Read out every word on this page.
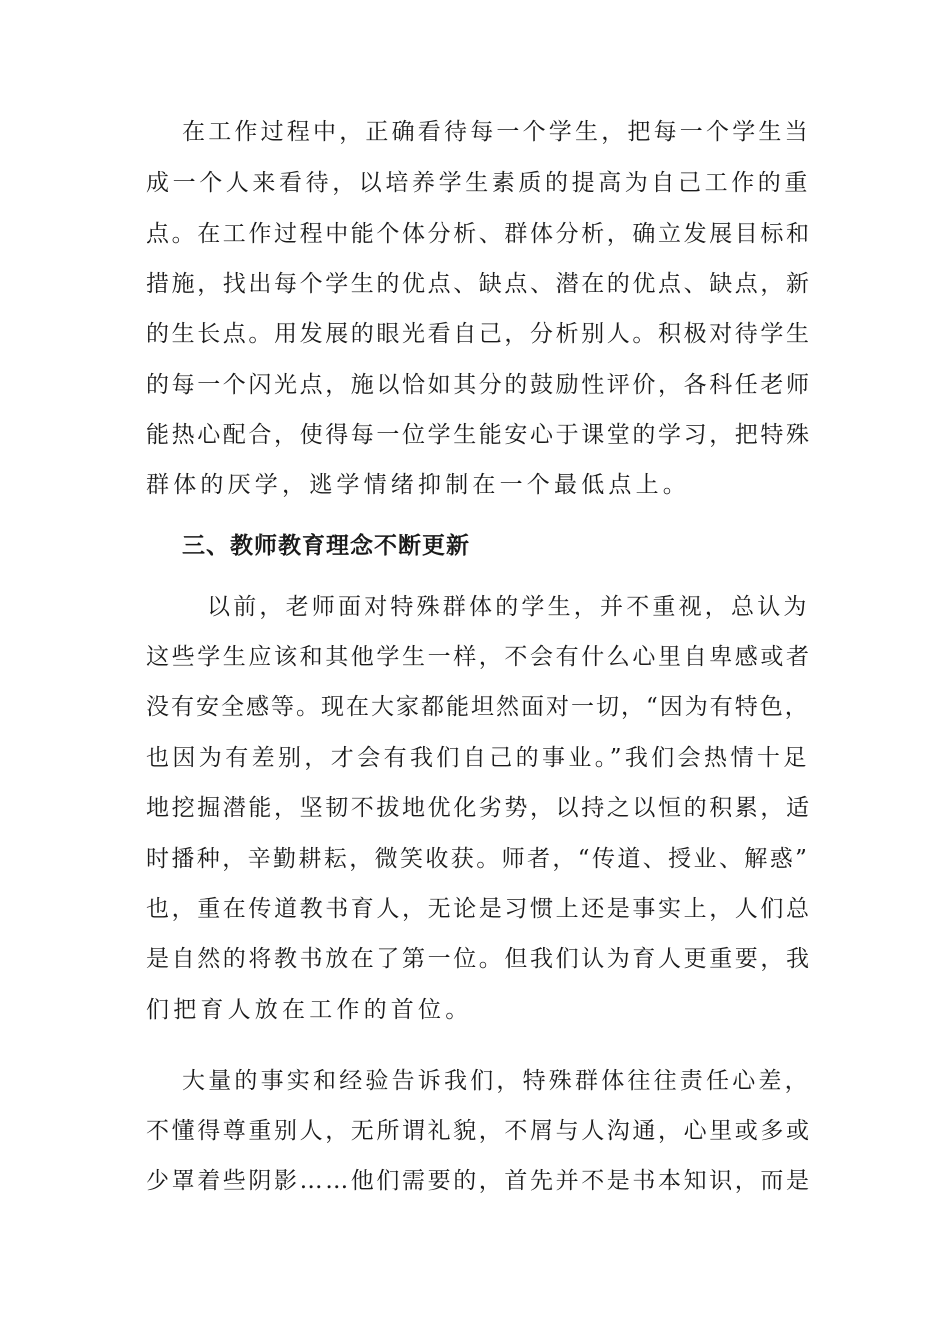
在工作过程中，正确看待每一个学生，把每一个学生当
成一个人来看待，以培养学生素质的提高为自己工作的重
点。在工作过程中能个体分析、群体分析，确立发展目标和
措施，找出每个学生的优点、缺点、潜在的优点、缺点，新
的生长点。用发展的眼光看自己，分析别人。积极对待学生
的每一个闪光点，施以恰如其分的鼓励性评价，各科任老师
能热心配合，使得每一位学生能安心于课堂的学习，把特殊
群体的厌学，逃学情绪抑制在一个最低点上。
三、教师教育理念不断更新
以前，老师面对特殊群体的学生，并不重视，总认为
这些学生应该和其他学生一样，不会有什么心里自卑感或者
没有安全感等。现在大家都能坦然面对一切，“因为有特色，
也因为有差别，才会有我们自己的事业。”我们会热情十足
地挖掘潜能，坚韧不拔地优化劣势，以持之以恒的积累，适
时播种，辛勤耕耘，微笑收获。师者，“传道、授业、解惑”
也，重在传道教书育人，无论是习惯上还是事实上，人们总
是自然的将教书放在了第一位。但我们认为育人更重要，我
们把育人放在工作的首位。
大量的事实和经验告诉我们，特殊群体往往责任心差，
不懂得尊重别人，无所谓礼貌，不屑与人沟通，心里或多或
少罩着些阴影……他们需要的，首先并不是书本知识，而是
